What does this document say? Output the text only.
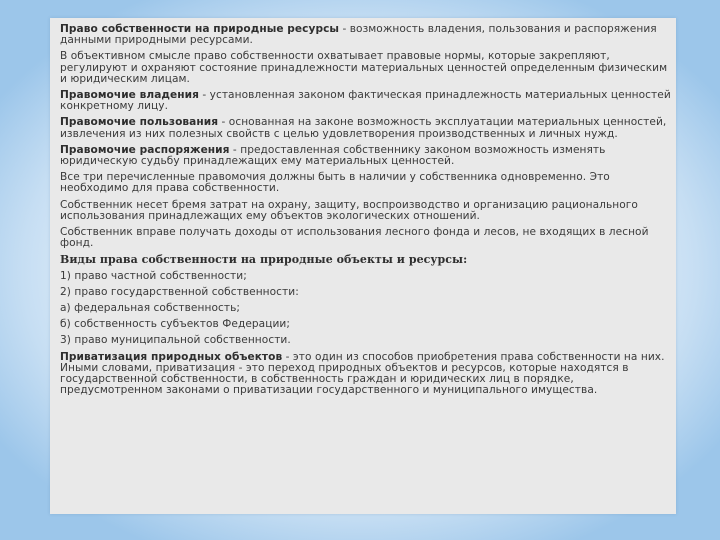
Право собственности на природные ресурсы - возможность владения, пользования и распоряжения данными природными ресурсами.

В объективном смысле право собственности охватывает правовые нормы, которые закрепляют, регулируют и охраняют состояние принадлежности материальных ценностей определенным физическим и юридическим лицам.

Правомочие владения - установленная законом фактическая принадлежность материальных ценностей конкретному лицу.

Правомочие пользования - основанная на законе возможность эксплуатации материальных ценностей, извлечения из них полезных свойств с целью удовлетворения производственных и личных нужд.

Правомочие распоряжения - предоставленная собственнику законом возможность изменять юридическую судьбу принадлежащих ему материальных ценностей.

Все три перечисленные правомочия должны быть в наличии у собственника одновременно. Это необходимо для права собственности.

Собственник несет бремя затрат на охрану, защиту, воспроизводство и организацию рационального использования принадлежащих ему объектов экологических отношений.

Собственник вправе получать доходы от использования лесного фонда и лесов, не входящих в лесной фонд.

Виды права собственности на природные объекты и ресурсы:

1) право частной собственности;

2) право государственной собственности:

а) федеральная собственность;

б) собственность субъектов Федерации;

3) право муниципальной собственности.

Приватизация природных объектов - это один из способов приобретения права собственности на них. Иными словами, приватизация - это переход природных объектов и ресурсов, которые находятся в государственной собственности, в собственность граждан и юридических лиц в порядке, предусмотренном законами о приватизации государственного и муниципального имущества.
